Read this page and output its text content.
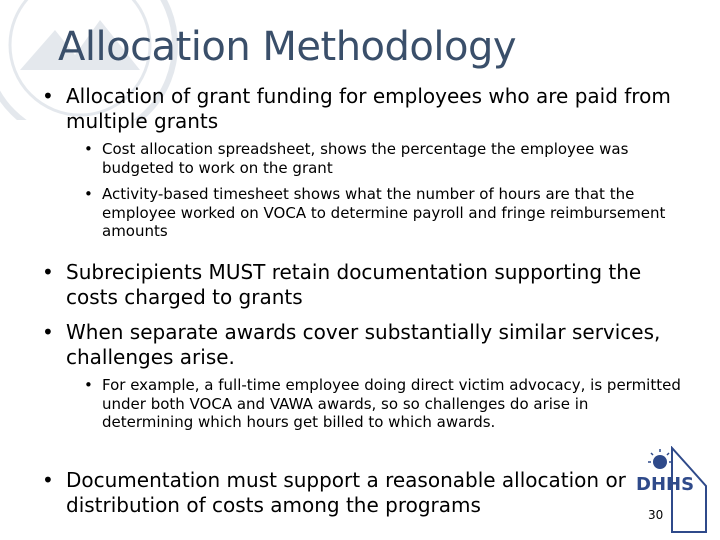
Allocation Methodology

• Allocation of grant funding for employees who are paid from multiple grants

• Cost allocation spreadsheet, shows the percentage the employee was budgeted to work on the grant

• Activity-based timesheet shows what the number of hours are that the employee worked on VOCA to determine payroll and fringe reimbursement amounts

• Subrecipients MUST retain documentation supporting the costs charged to grants

• When separate awards cover substantially similar services, challenges arise.

• For example, a full-time employee doing direct victim advocacy, is permitted under both VOCA and VAWA awards, so so challenges do arise in determining which hours get billed to which awards.

• Documentation must support a reasonable allocation or distribution of costs among the programs

DHHS
30
